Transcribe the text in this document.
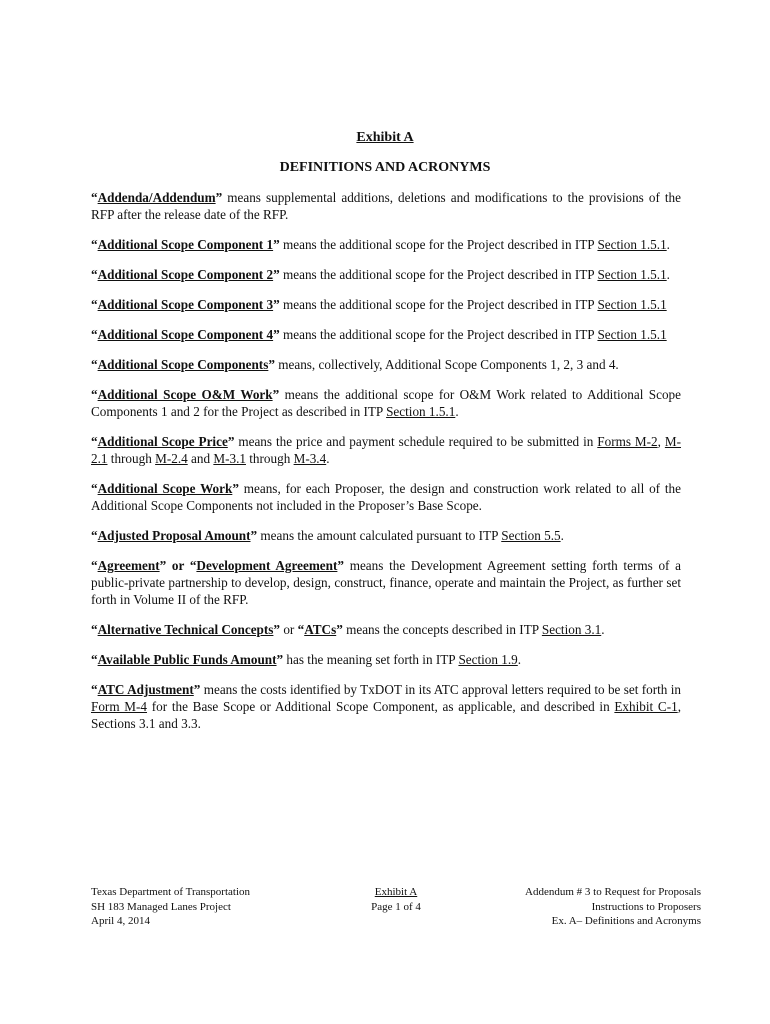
Exhibit A
DEFINITIONS AND ACRONYMS

“Addenda/Addendum” means supplemental additions, deletions and modifications to the provisions of the RFP after the release date of the RFP.

“Additional Scope Component 1” means the additional scope for the Project described in ITP Section 1.5.1.

“Additional Scope Component 2” means the additional scope for the Project described in ITP Section 1.5.1.

“Additional Scope Component 3” means the additional scope for the Project described in ITP Section 1.5.1

“Additional Scope Component 4” means the additional scope for the Project described in ITP Section 1.5.1

“Additional Scope Components” means, collectively, Additional Scope Components 1, 2, 3 and 4.

“Additional Scope O&M Work” means the additional scope for O&M Work related to Additional Scope Components 1 and 2 for the Project as described in ITP Section 1.5.1.

“Additional Scope Price” means the price and payment schedule required to be submitted in Forms M-2, M-2.1 through M-2.4 and M-3.1 through M-3.4.

“Additional Scope Work” means, for each Proposer, the design and construction work related to all of the Additional Scope Components not included in the Proposer’s Base Scope.

“Adjusted Proposal Amount” means the amount calculated pursuant to ITP Section 5.5.

“Agreement” or “Development Agreement” means the Development Agreement setting forth terms of a public-private partnership to develop, design, construct, finance, operate and maintain the Project, as further set forth in Volume II of the RFP.

“Alternative Technical Concepts” or “ATCs” means the concepts described in ITP Section 3.1.

“Available Public Funds Amount” has the meaning set forth in ITP Section 1.9.

“ATC Adjustment” means the costs identified by TxDOT in its ATC approval letters required to be set forth in Form M-4 for the Base Scope or Additional Scope Component, as applicable, and described in Exhibit C-1, Sections 3.1 and 3.3.

Texas Department of Transportation
SH 183 Managed Lanes Project
April 4, 2014
Exhibit A
Page 1 of 4
Addendum # 3 to Request for Proposals
Instructions to Proposers
Ex. A– Definitions and Acronyms
